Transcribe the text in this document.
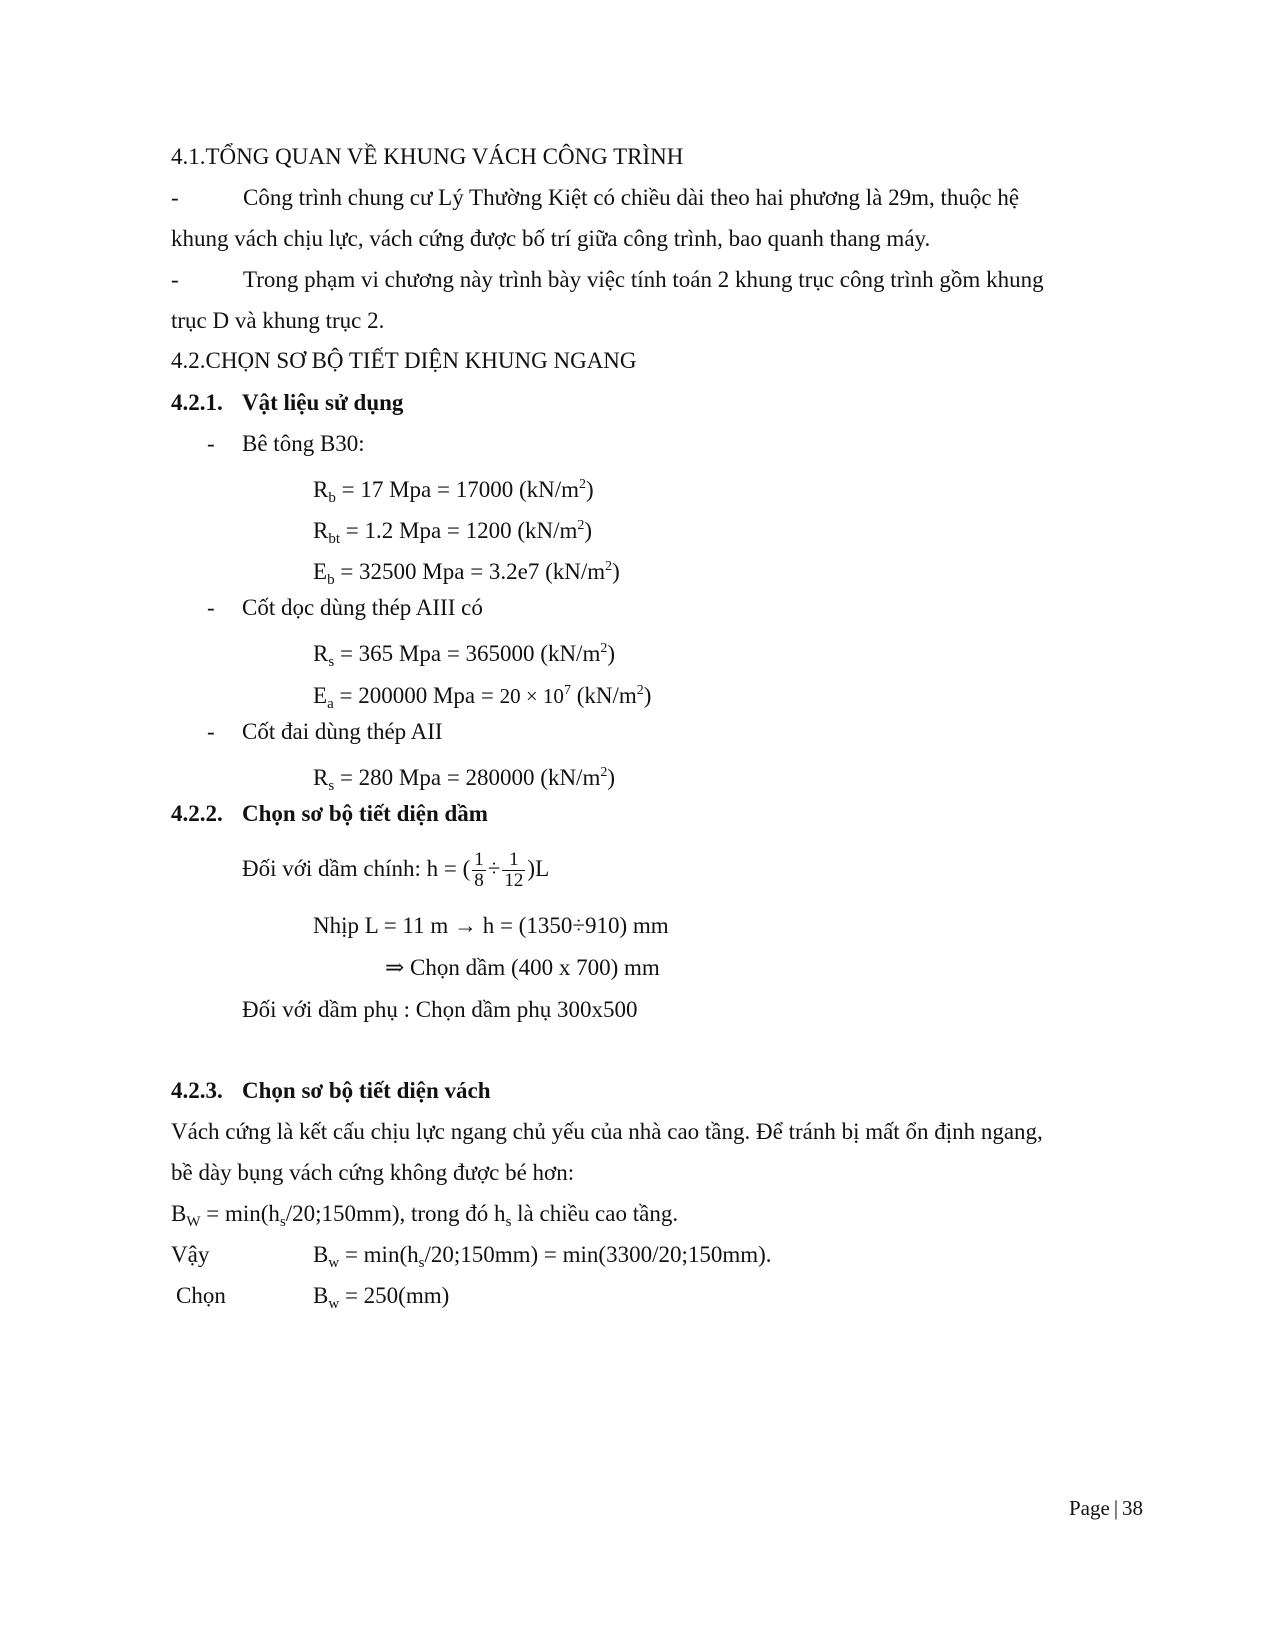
4.1.TỔNG QUAN VỀ KHUNG VÁCH CÔNG TRÌNH
-	Công trình chung cư Lý Thường Kiệt có chiều dài theo hai phương là 29m, thuộc hệ
khung vách chịu lực, vách cứng được bố trí giữa công trình, bao quanh thang máy.
-	Trong phạm vi chương này trình bày việc tính toán 2 khung trục công trình gồm khung
trục D và khung trục 2.
4.2.CHỌN SƠ BỘ TIẾT DIỆN KHUNG NGANG
4.2.1. Vật liệu sử dụng
- Bê tông B30:
$R_b = 17$ Mpa = 17000 $(kN/m^2)$
$R_{bt} = 1.2$ Mpa = 1200 $(kN/m^2)$
$E_b = 32500$ Mpa = 3.2e7 $(kN/m^2)$
- Cốt dọc dùng thép AIII có
$R_s = 365$ Mpa = 365000 $(kN/m^2)$
$E_a = 200000$ Mpa = $20 \times 10^7$ $(kN/m^2)$
- Cốt đai dùng thép AII
$R_s = 280$ Mpa = 280000 $(kN/m^2)$
4.2.2. Chọn sơ bộ tiết diện dầm
Đối với dầm chính: h = ( $\frac{1}{8} \div \frac{1}{12} )L$
Nhịp L = 11 m → h = (1350÷910) mm
⇒ Chọn dầm (400 x 700) mm
Đối với dầm phụ : Chọn dầm phụ 300x500
4.2.3. Chọn sơ bộ tiết diện vách
Vách cứng là kết cấu chịu lực ngang chủ yếu của nhà cao tầng. Để tránh bị mất ổn định ngang,
bề dày bụng vách cứng không được bé hơn:
$B_W$ = $\min(h_s/20;150mm)$, trong đó $h_s$ là chiều cao tầng.
Vậy	$B_w$ = $\min(h_s/20;150mm)$ = min(3300/20;150mm).
Chọn	$B_w = 250(mm)$
Page | 38
